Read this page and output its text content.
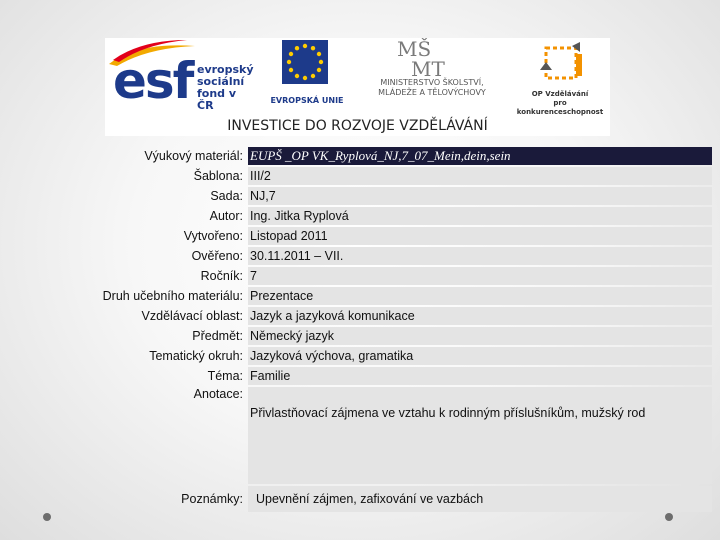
esf evropský
sociální
fond v ČR	EVROPSKÁ UNIE
MŠ
MT
MINISTERSTVO ŠKOLSTVÍ,
MLÁDEŽE A TĚLOVÝCHOVY	OP Vzdělávání
pro konkurenceschopnost
INVESTICE DO ROZVOJE VZDĚLÁVÁNÍ
Výukový materiál:	EUPŠ _OP VK_Ryplová_NJ,7_07_Mein,dein,sein
Šablona:	III/2
Sada:	NJ,7
Autor:	Ing. Jitka Ryplová
Vytvořeno:	Listopad 2011
Ověřeno:	30.11.2011 – VII.
Ročník:	7
Druh učebního materiálu:	Prezentace
Vzdělávací oblast:	Jazyk a jazyková komunikace
Předmět:	Německý jazyk
Tematický okruh:	Jazyková výchova, gramatika
Téma:	Familie
Anotace:	Přivlastňovací zájmena ve vztahu k rodinným příslušníkům, mužský rod
Poznámky:	Upevnění zájmen, zafixování ve vazbách
